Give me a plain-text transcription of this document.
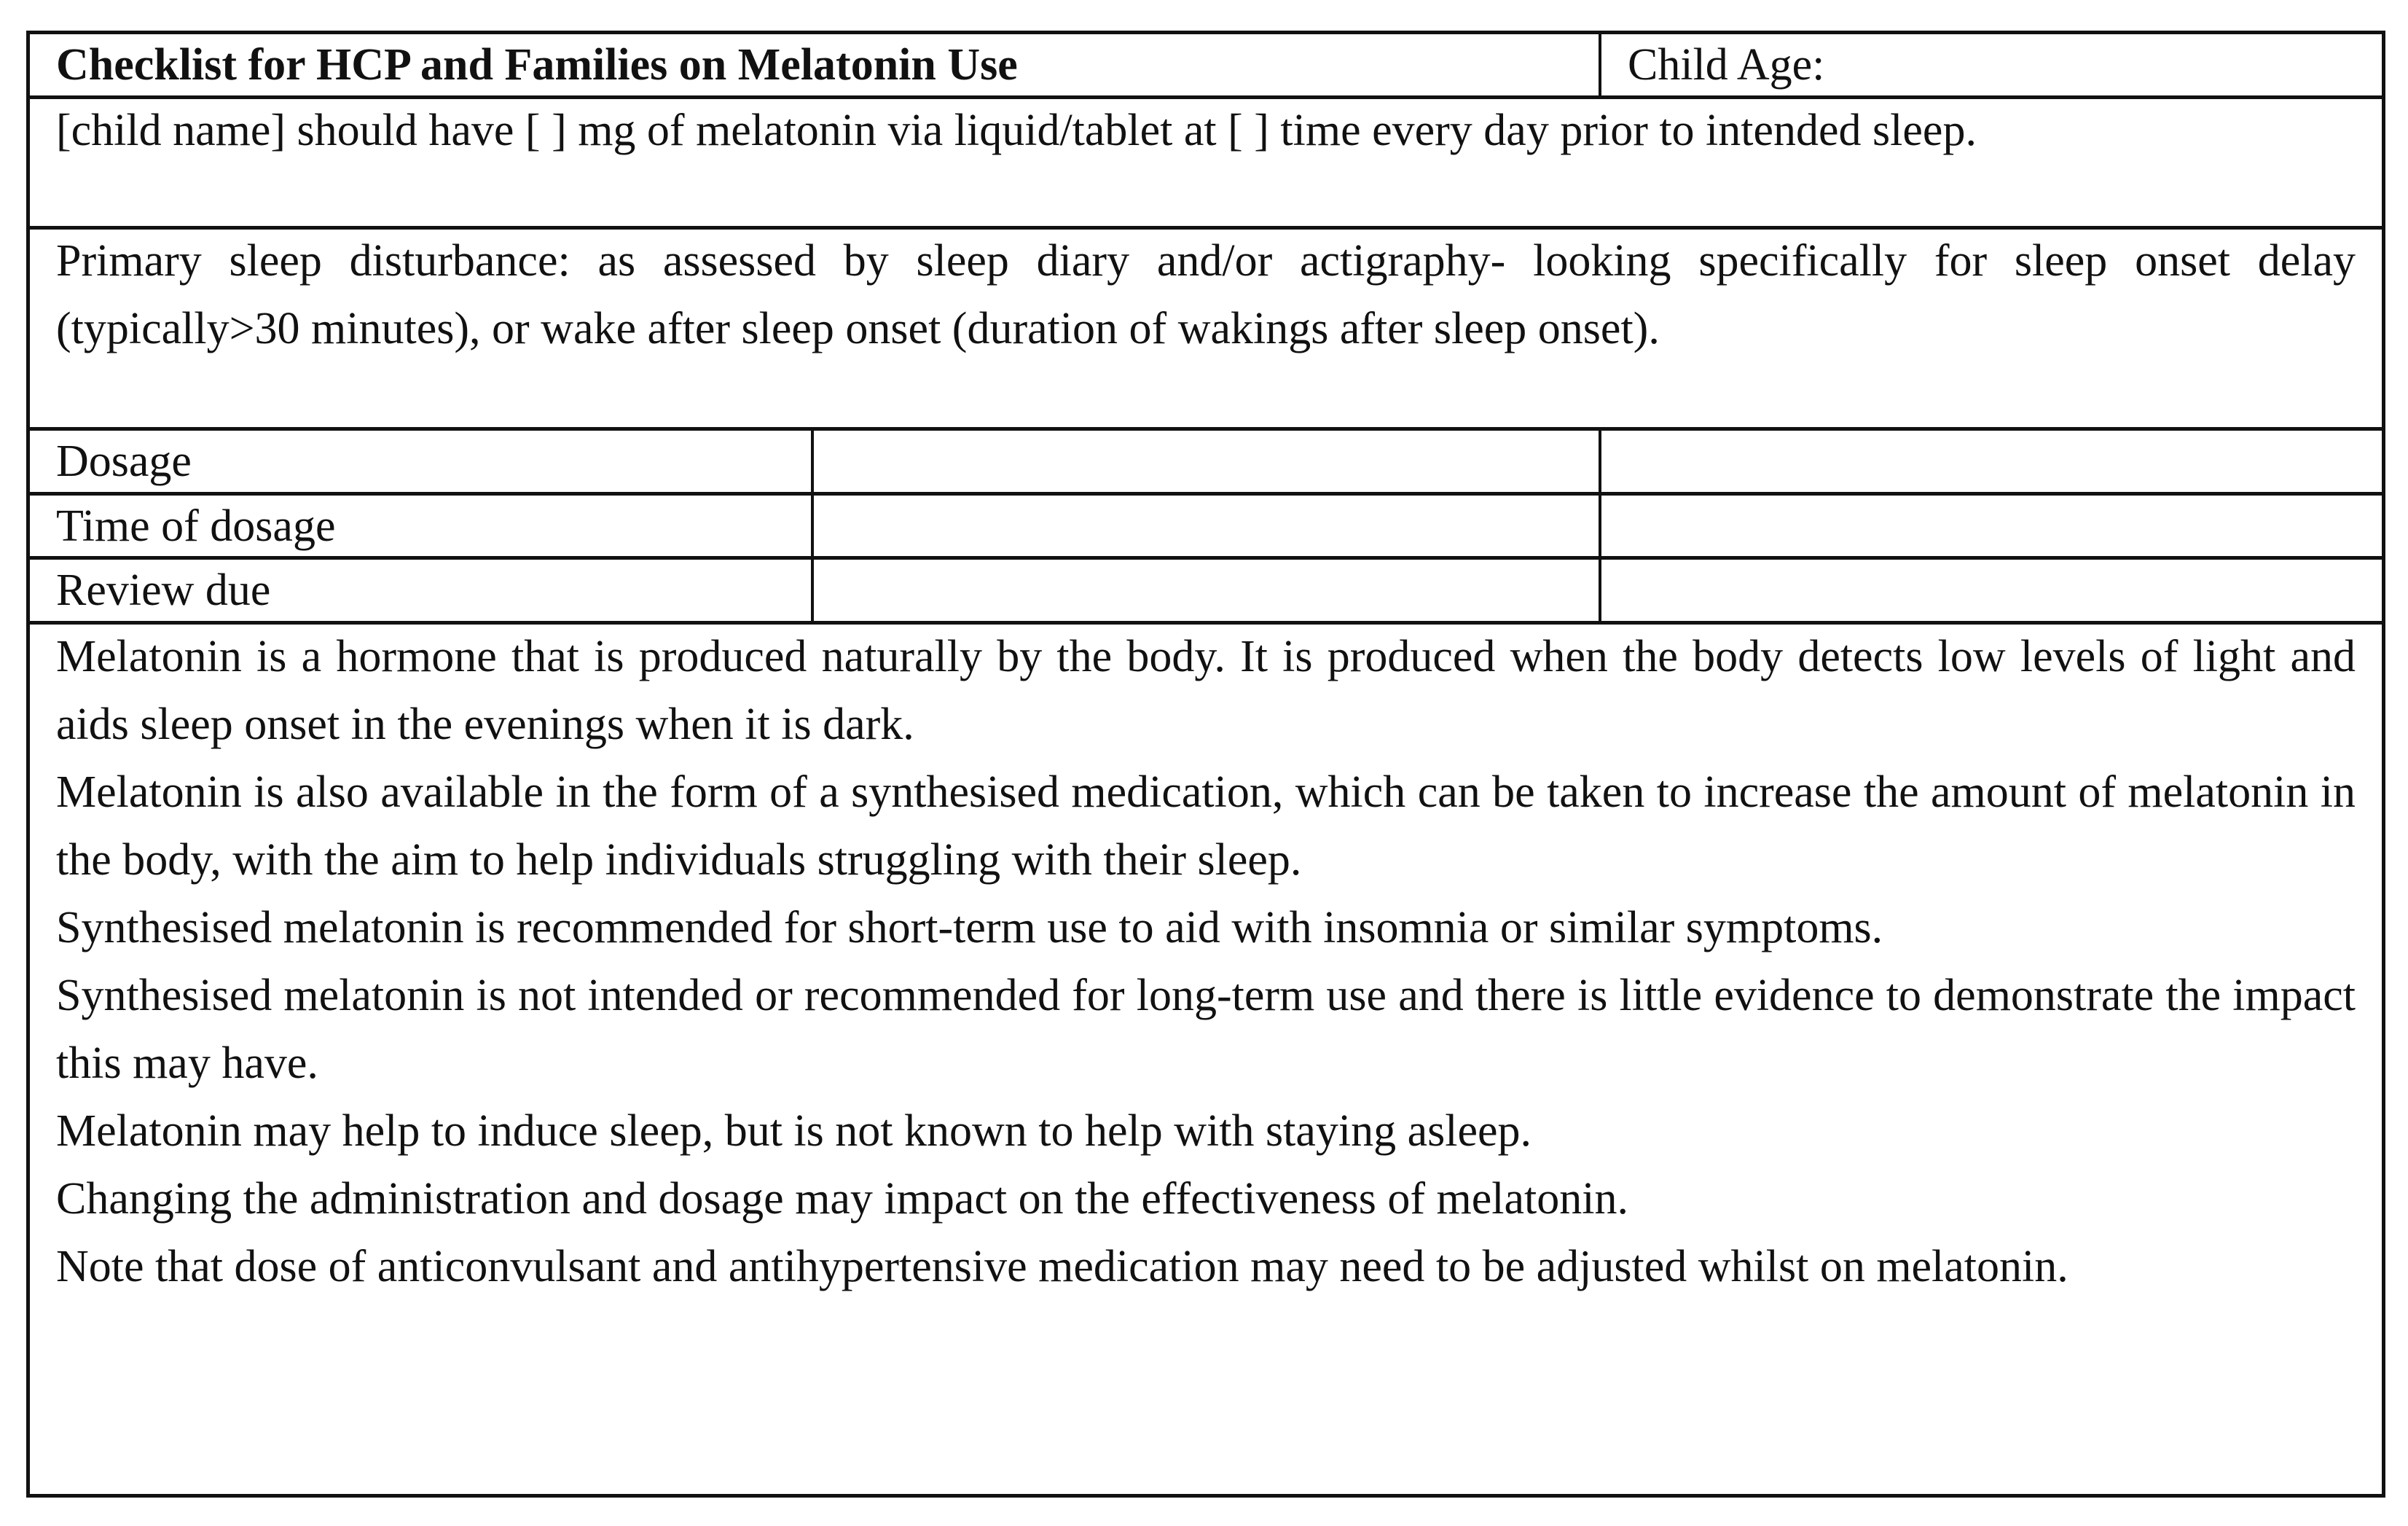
Checklist for HCP and Families on Melatonin Use	Child Age:
[child name] should have [ ] mg of melatonin via liquid/tablet at [ ] time every day prior to intended sleep.
Primary sleep disturbance: as assessed by sleep diary and/or actigraphy- looking specifically for sleep onset delay (typically>30 minutes), or wake after sleep onset (duration of wakings after sleep onset).
Dosage
Time of dosage
Review due

Melatonin is a hormone that is produced naturally by the body. It is produced when the body detects low levels of light and aids sleep onset in the evenings when it is dark.

Melatonin is also available in the form of a synthesised medication, which can be taken to increase the amount of melatonin in the body, with the aim to help individuals struggling with their sleep.

Synthesised melatonin is recommended for short-term use to aid with insomnia or similar symptoms.

Synthesised melatonin is not intended or recommended for long-term use and there is little evidence to demonstrate the impact this may have.

Melatonin may help to induce sleep, but is not known to help with staying asleep.

Changing the administration and dosage may impact on the effectiveness of melatonin.

Note that dose of anticonvulsant and antihypertensive medication may need to be adjusted whilst on melatonin.
